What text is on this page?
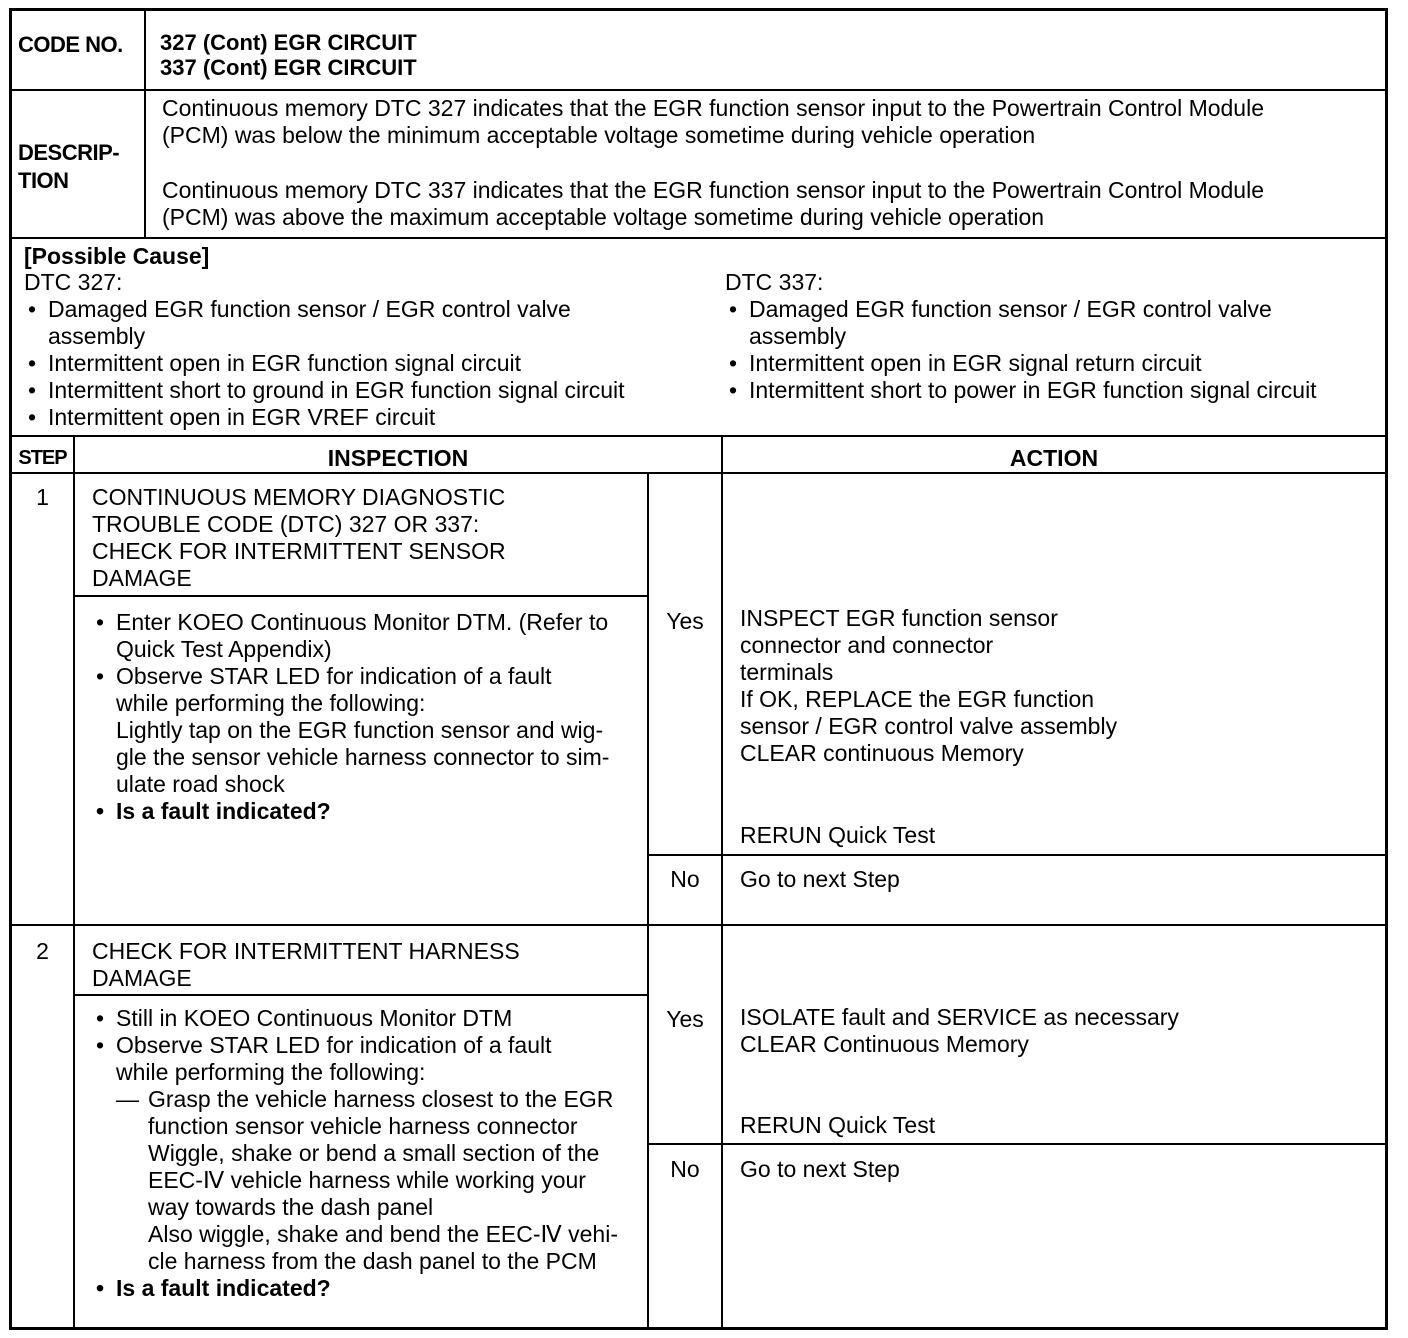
CODE NO. 327 (Cont) EGR CIRCUIT
337 (Cont) EGR CIRCUIT
DESCRIP-
TION
Continuous memory DTC 327 indicates that the EGR function sensor input to the Powertrain Control Module
(PCM) was below the minimum acceptable voltage sometime during vehicle operation
Continuous memory DTC 337 indicates that the EGR function sensor input to the Powertrain Control Module
(PCM) was above the maximum acceptable voltage sometime during vehicle operation
[Possible Cause]
DTC 327:
• Damaged EGR function sensor / EGR control valve
assembly
• Intermittent open in EGR function signal circuit
• Intermittent short to ground in EGR function signal circuit
• Intermittent open in EGR VREF circuit
DTC 337:
• Damaged EGR function sensor / EGR control valve
assembly
• Intermittent open in EGR signal return circuit
• Intermittent short to power in EGR function signal circuit
STEP	INSPECTION	ACTION
1	CONTINUOUS MEMORY DIAGNOSTIC
TROUBLE CODE (DTC) 327 OR 337:
CHECK FOR INTERMITTENT SENSOR
DAMAGE
• Enter KOEO Continuous Monitor DTM. (Refer to
Quick Test Appendix)
• Observe STAR LED for indication of a fault
while performing the following:
Lightly tap on the EGR function sensor and wig-
gle the sensor vehicle harness connector to sim-
ulate road shock
• Is a fault indicated?
Yes	INSPECT EGR function sensor
connector and connector
terminals
If OK, REPLACE the EGR function
sensor / EGR control valve assembly
CLEAR continuous Memory
RERUN Quick Test
No	Go to next Step
2	CHECK FOR INTERMITTENT HARNESS
DAMAGE
• Still in KOEO Continuous Monitor DTM
• Observe STAR LED for indication of a fault
while performing the following:
— Grasp the vehicle harness closest to the EGR
function sensor vehicle harness connector
Wiggle, shake or bend a small section of the
EEC-Ⅳ vehicle harness while working your
way towards the dash panel
Also wiggle, shake and bend the EEC-Ⅳ vehi-
cle harness from the dash panel to the PCM
• Is a fault indicated?
Yes	ISOLATE fault and SERVICE as necessary
CLEAR Continuous Memory
RERUN Quick Test
No	Go to next Step
